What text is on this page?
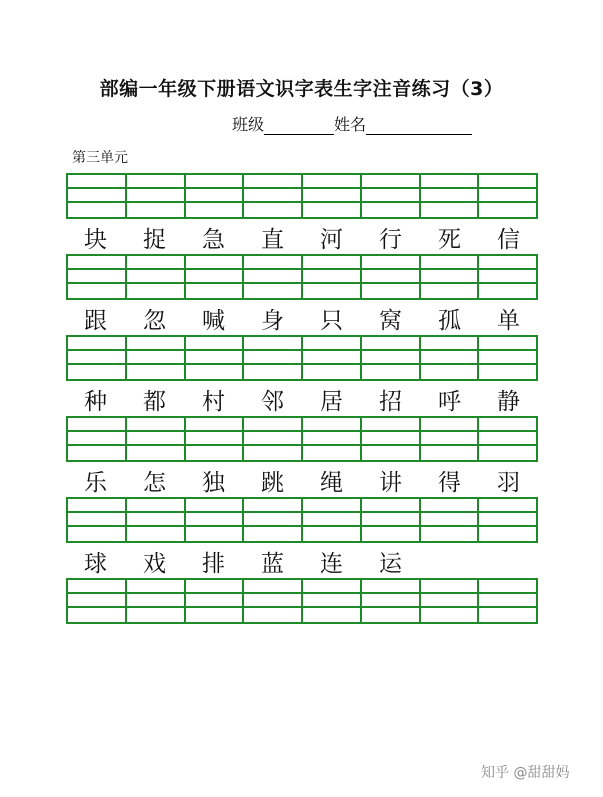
部编一年级下册语文识字表生字注音练习（3）
班级	姓名
第三单元
块	捉	急	直	河	行	死	信
跟	忽	喊	身	只	窝	孤	单
种	都	村	邻	居	招	呼	静
乐	怎	独	跳	绳	讲	得	羽
球	戏	排	蓝	连	运
知乎 @甜甜妈
